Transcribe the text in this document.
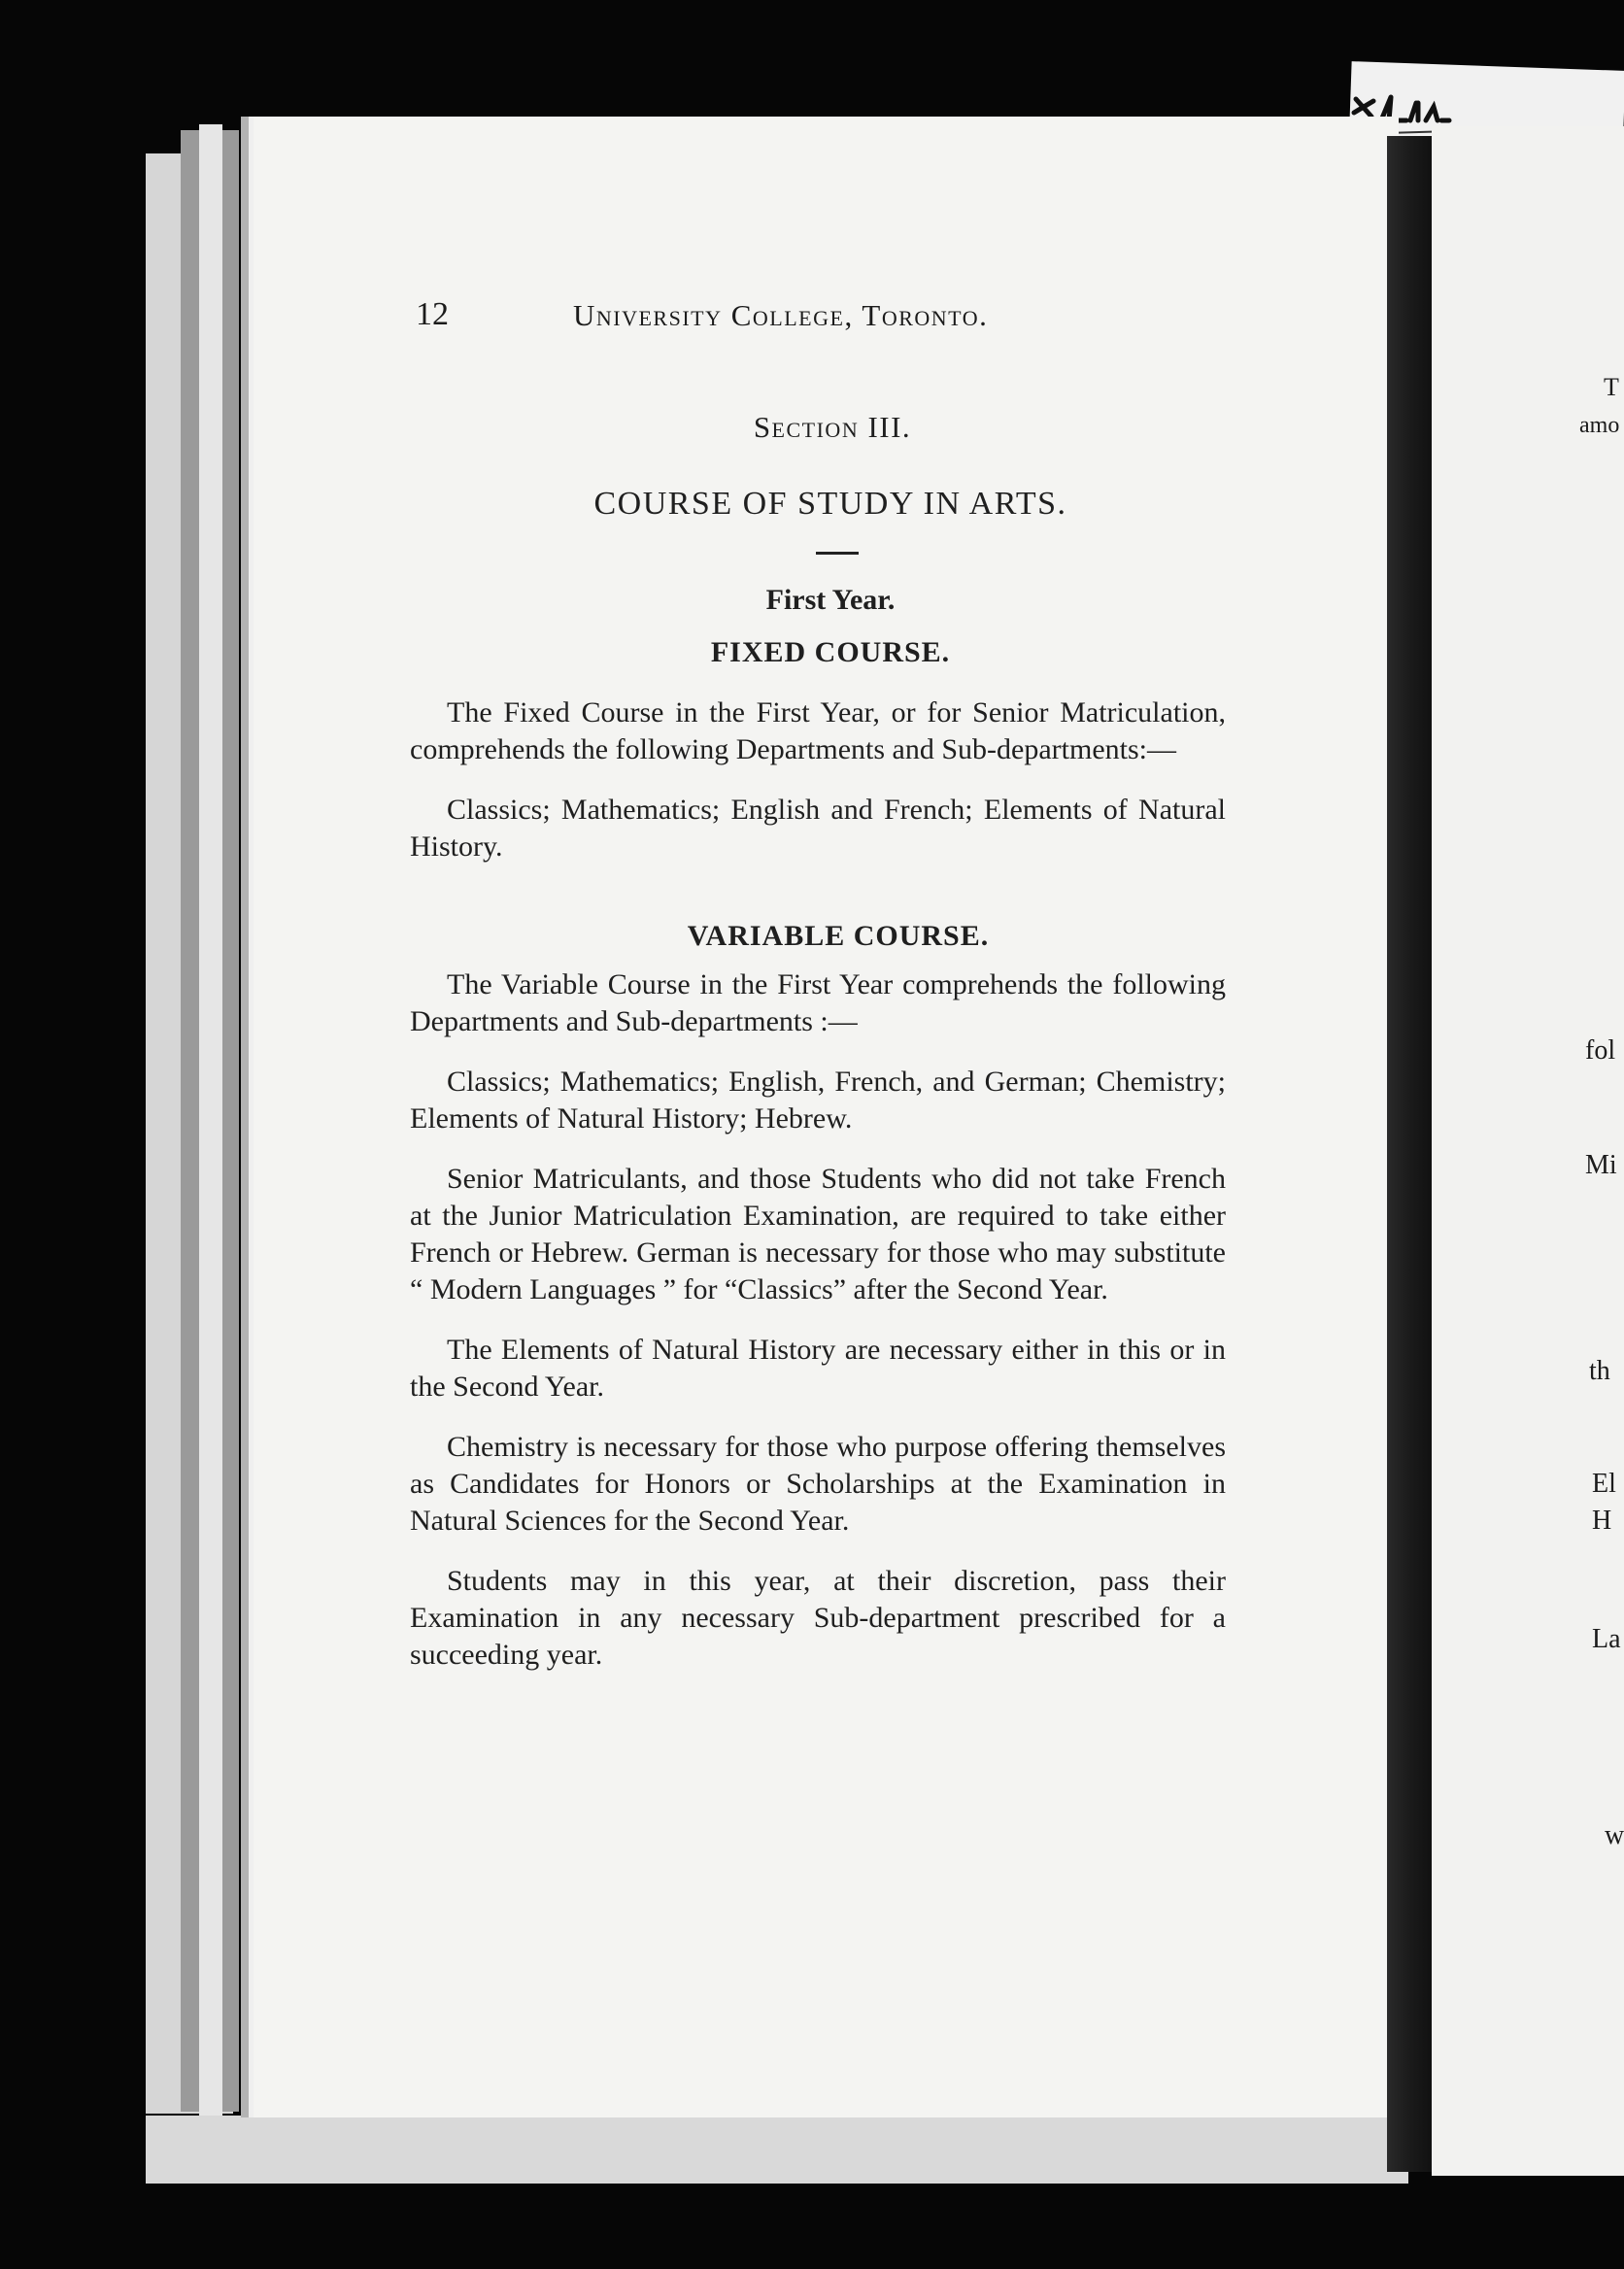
12	University College, Toronto.
Section III.
COURSE OF STUDY IN ARTS.
First Year.
FIXED COURSE.

The Fixed Course in the First Year, or for Senior Matriculation, comprehends the following Departments and Sub-departments:—

Classics; Mathematics; English and French; Elements of Natural History.

VARIABLE COURSE.

The Variable Course in the First Year comprehends the following Departments and Sub-departments :—

Classics; Mathematics; English, French, and German; Chemistry; Elements of Natural History; Hebrew.

Senior Matriculants, and those Students who did not take French at the Junior Matriculation Examination, are required to take either French or Hebrew. German is necessary for those who may substitute “ Modern Languages ” for “Classics” after the Second Year.

The Elements of Natural History are necessary either in this or in the Second Year.

Chemistry is necessary for those who purpose offering themselves as Candidates for Honors or Scholarships at the Examination in Natural Sciences for the Second Year.

Students may in this year, at their discretion, pass their Examination in any necessary Sub-department prescribed for a succeeding year.

T
amo
fol
Mi
th
El
H
La
w
